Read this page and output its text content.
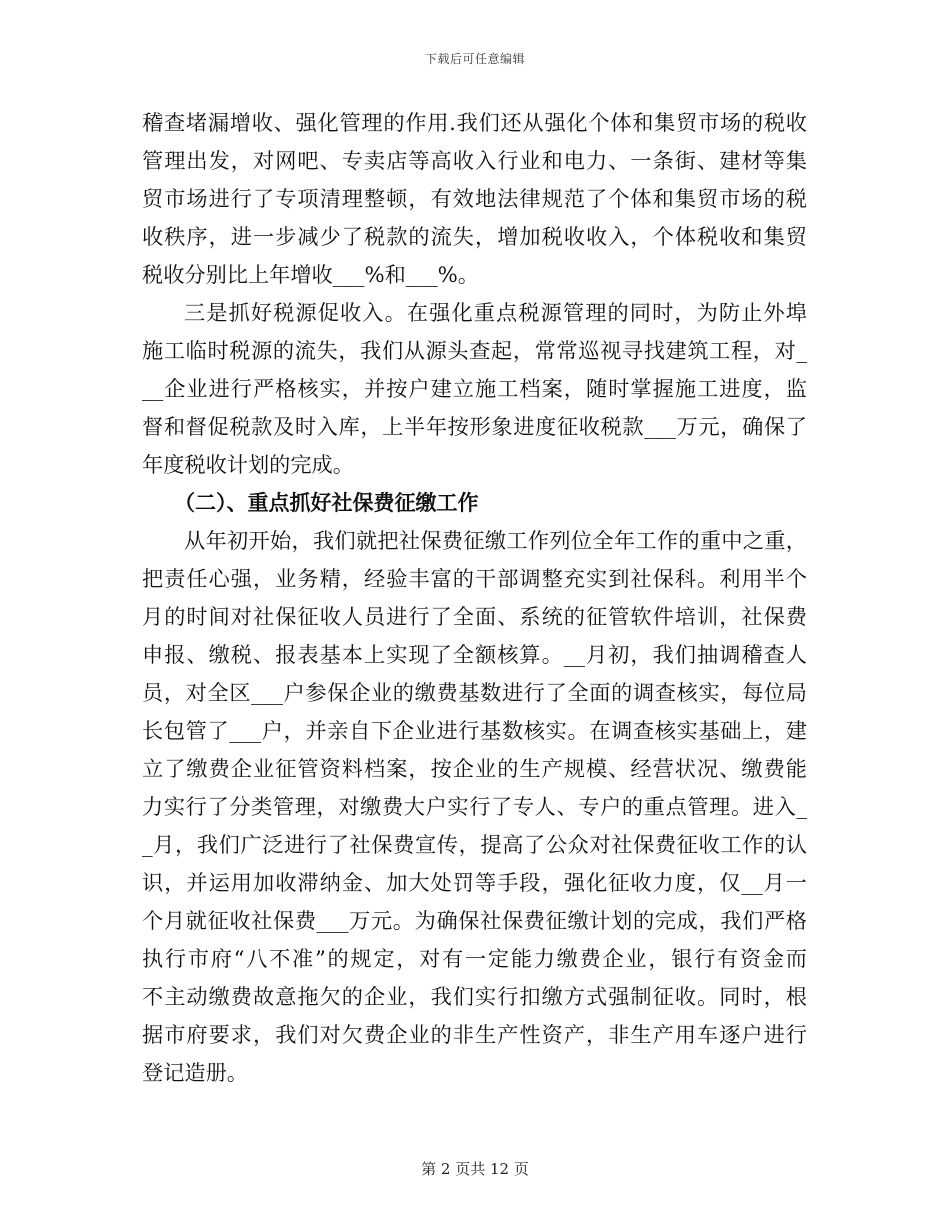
下载后可任意编辑
稽查堵漏增收、强化管理的作用.我们还从强化个体和集贸市场的税收
管理出发，对网吧、专卖店等高收入行业和电力、一条街、建材等集
贸市场进行了专项清理整顿，有效地法律规范了个体和集贸市场的税
收秩序，进一步减少了税款的流失，增加税收收入，个体税收和集贸
税收分别比上年增收___%和___%。
三是抓好税源促收入。在强化重点税源管理的同时，为防止外埠
施工临时税源的流失，我们从源头查起，常常巡视寻找建筑工程，对_
__企业进行严格核实，并按户建立施工档案，随时掌握施工进度，监
督和督促税款及时入库，上半年按形象进度征收税款___万元，确保了
年度税收计划的完成。
（二）、重点抓好社保费征缴工作
从年初开始，我们就把社保费征缴工作列位全年工作的重中之重，
把责任心强，业务精，经验丰富的干部调整充实到社保科。利用半个
月的时间对社保征收人员进行了全面、系统的征管软件培训，社保费
申报、缴税、报表基本上实现了全额核算。__月初，我们抽调稽查人
员，对全区___户参保企业的缴费基数进行了全面的调查核实，每位局
长包管了___户，并亲自下企业进行基数核实。在调查核实基础上，建
立了缴费企业征管资料档案，按企业的生产规模、经营状况、缴费能
力实行了分类管理，对缴费大户实行了专人、专户的重点管理。进入_
_月，我们广泛进行了社保费宣传，提高了公众对社保费征收工作的认
识，并运用加收滞纳金、加大处罚等手段，强化征收力度，仅__月一
个月就征收社保费___万元。为确保社保费征缴计划的完成，我们严格
执行市府“八不准”的规定，对有一定能力缴费企业，银行有资金而
不主动缴费故意拖欠的企业，我们实行扣缴方式强制征收。同时，根
据市府要求，我们对欠费企业的非生产性资产，非生产用车逐户进行
登记造册。
第 2 页共 12 页
